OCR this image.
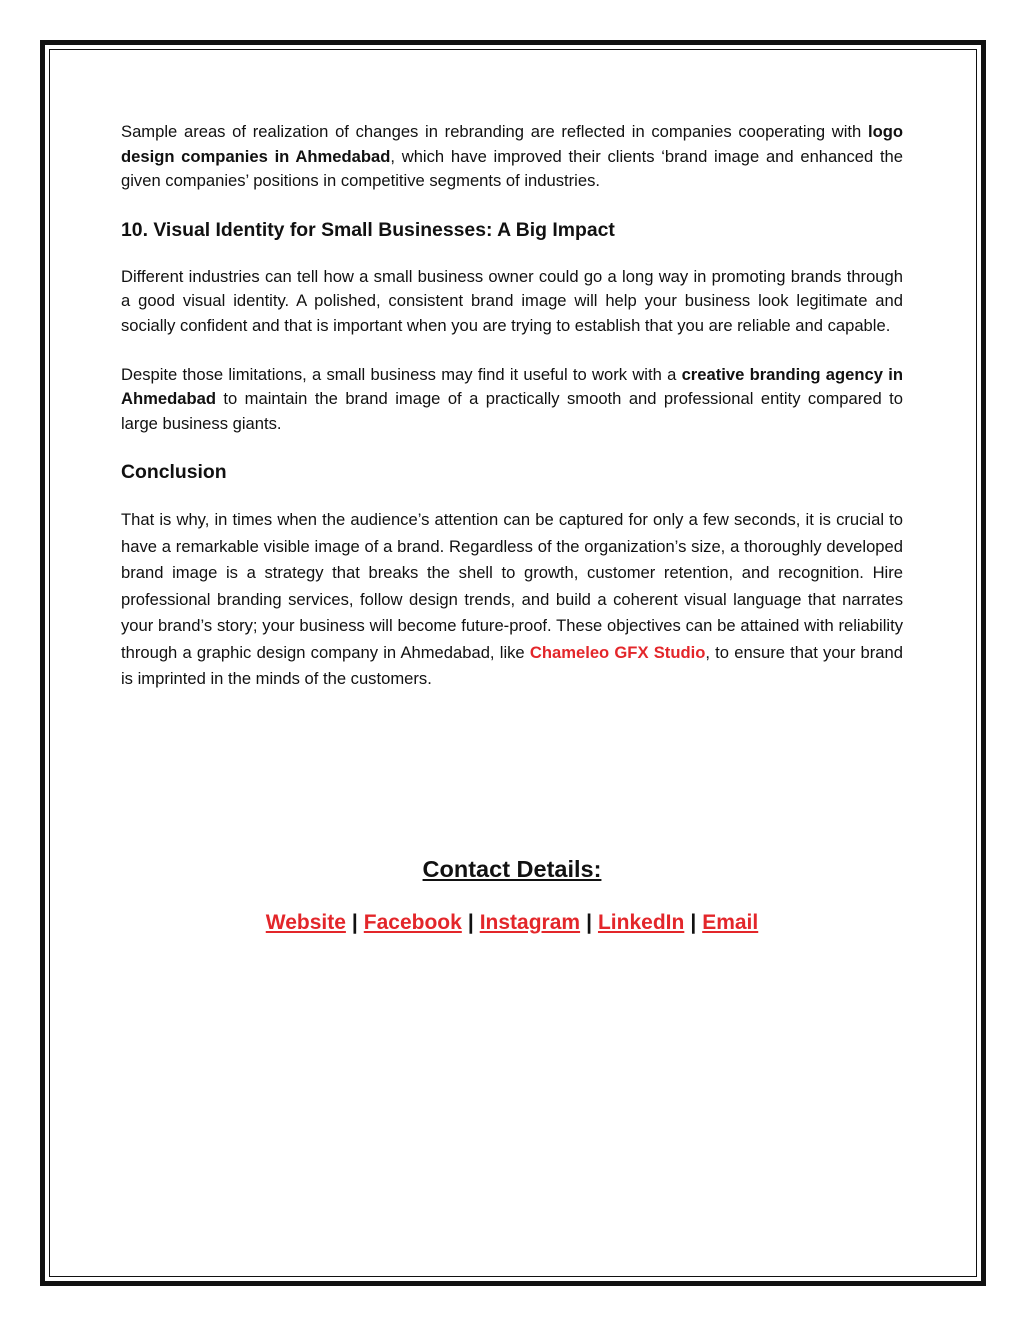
Sample areas of realization of changes in rebranding are reflected in companies cooperating with logo design companies in Ahmedabad, which have improved their clients ‘brand image and enhanced the given companies’ positions in competitive segments of industries.

10. Visual Identity for Small Businesses: A Big Impact

Different industries can tell how a small business owner could go a long way in promoting brands through a good visual identity. A polished, consistent brand image will help your business look legitimate and socially confident and that is important when you are trying to establish that you are reliable and capable.

Despite those limitations, a small business may find it useful to work with a creative branding agency in Ahmedabad to maintain the brand image of a practically smooth and professional entity compared to large business giants.

Conclusion

That is why, in times when the audience’s attention can be captured for only a few seconds, it is crucial to have a remarkable visible image of a brand. Regardless of the organization’s size, a thoroughly developed brand image is a strategy that breaks the shell to growth, customer retention, and recognition. Hire professional branding services, follow design trends, and build a coherent visual language that narrates your brand’s story; your business will become future-proof. These objectives can be attained with reliability through a graphic design company in Ahmedabad, like Chameleo GFX Studio, to ensure that your brand is imprinted in the minds of the customers.

Contact Details:
Website | Facebook | Instagram | LinkedIn | Email
